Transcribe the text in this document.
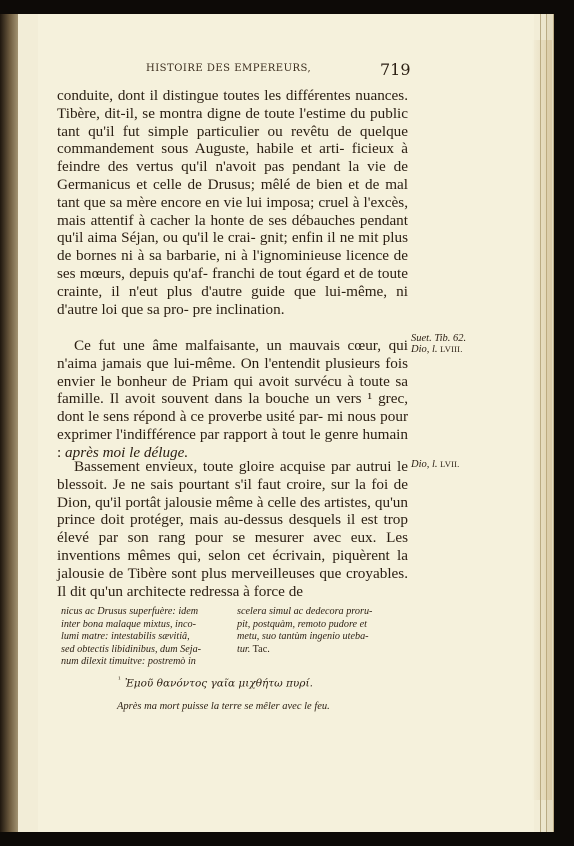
HISTOIRE DES EMPEREURS,	719

conduite, dont il distingue toutes les différentes nuances. Tibère, dit-il, se montra digne de toute l'estime du public tant qu'il fut simple particulier ou revêtu de quelque commandement sous Auguste, habile et arti- ficieux à feindre des vertus qu'il n'avoit pas pendant la vie de Germanicus et celle de Drusus; mêlé de bien et de mal tant que sa mère encore en vie lui imposa; cruel à l'excès, mais attentif à cacher la honte de ses débauches pendant qu'il aima Séjan, ou qu'il le crai- gnit; enfin il ne mit plus de bornes ni à sa barbarie, ni à l'ignominieuse licence de ses mœurs, depuis qu'af- franchi de tout égard et de toute crainte, il n'eut plus d'autre guide que lui-même, ni d'autre loi que sa pro- pre inclination.

Ce fut une âme malfaisante, un mauvais cœur, qui n'aima jamais que lui-même. On l'entendit plusieurs fois envier le bonheur de Priam qui avoit survécu à toute sa famille. Il avoit souvent dans la bouche un vers ¹ grec, dont le sens répond à ce proverbe usité par- mi nous pour exprimer l'indifférence par rapport à tout le genre humain : après moi le déluge.

Bassement envieux, toute gloire acquise par autrui le blessoit. Je ne sais pourtant s'il faut croire, sur la foi de Dion, qu'il portât jalousie même à celle des artistes, qu'un prince doit protéger, mais au-dessus desquels il est trop élevé par son rang pour se mesurer avec eux. Les inventions mêmes qui, selon cet écrivain, piquèrent la jalousie de Tibère sont plus merveilleuses que croyables. Il dit qu'un architecte redressa à force de

Suet. Tib. 62.
Dio, l. LVIII.
Dio, l. LVII.
nicus ac Drusus superfuère: idem
inter bona malaque mixtus, inco-
lumi matre: intestabilis sævitiâ,
sed obtectis libidinibus, dum Seja-
num dilexit timuitve: postremò in
scelera simul ac dedecora proru-
pit, postquàm, remoto pudore et
metu, suo tantùm ingenio uteba-
tur. Tac.
$^{^1}$ Ἐμοῦ θανόντος γαῖα μιχθήτω πυρί.
Après ma mort puisse la terre se mêler avec le feu.
